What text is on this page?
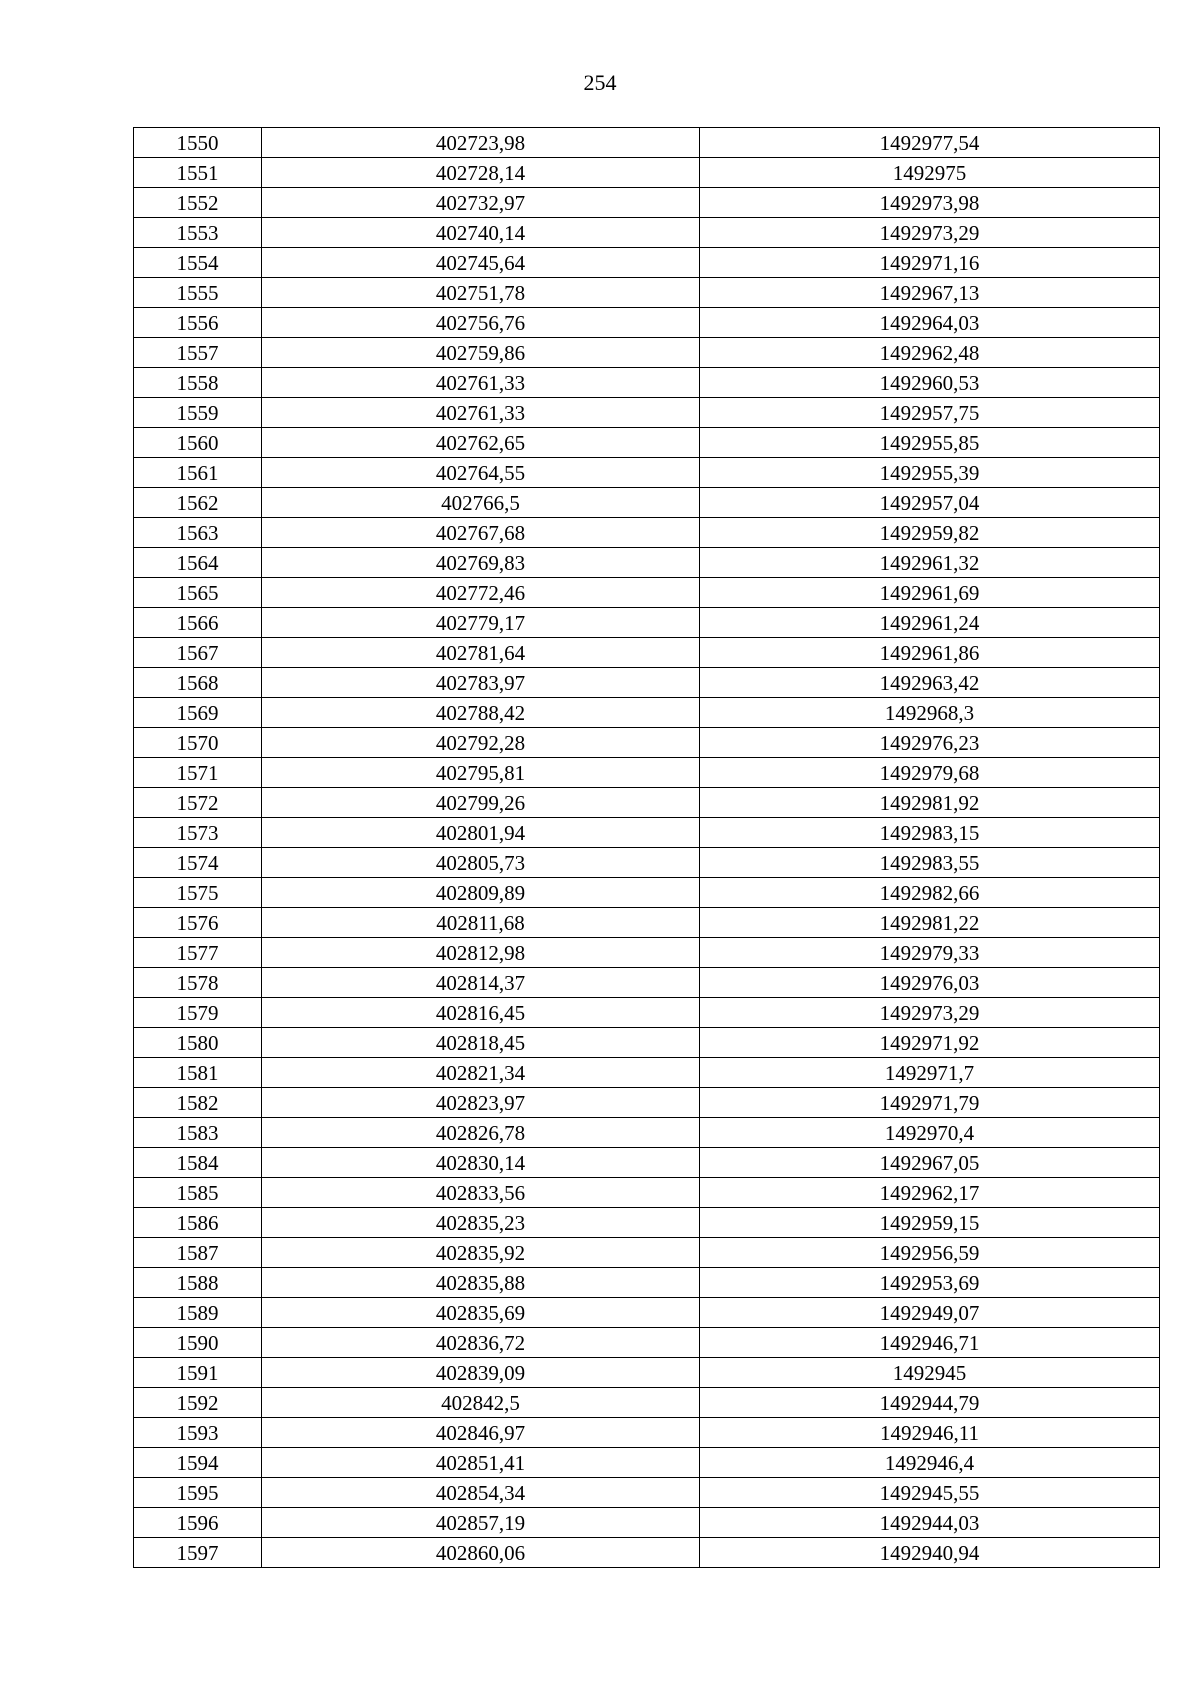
254
1550	402723,98	1492977,54
1551	402728,14	1492975
1552	402732,97	1492973,98
1553	402740,14	1492973,29
1554	402745,64	1492971,16
1555	402751,78	1492967,13
1556	402756,76	1492964,03
1557	402759,86	1492962,48
1558	402761,33	1492960,53
1559	402761,33	1492957,75
1560	402762,65	1492955,85
1561	402764,55	1492955,39
1562	402766,5	1492957,04
1563	402767,68	1492959,82
1564	402769,83	1492961,32
1565	402772,46	1492961,69
1566	402779,17	1492961,24
1567	402781,64	1492961,86
1568	402783,97	1492963,42
1569	402788,42	1492968,3
1570	402792,28	1492976,23
1571	402795,81	1492979,68
1572	402799,26	1492981,92
1573	402801,94	1492983,15
1574	402805,73	1492983,55
1575	402809,89	1492982,66
1576	402811,68	1492981,22
1577	402812,98	1492979,33
1578	402814,37	1492976,03
1579	402816,45	1492973,29
1580	402818,45	1492971,92
1581	402821,34	1492971,7
1582	402823,97	1492971,79
1583	402826,78	1492970,4
1584	402830,14	1492967,05
1585	402833,56	1492962,17
1586	402835,23	1492959,15
1587	402835,92	1492956,59
1588	402835,88	1492953,69
1589	402835,69	1492949,07
1590	402836,72	1492946,71
1591	402839,09	1492945
1592	402842,5	1492944,79
1593	402846,97	1492946,11
1594	402851,41	1492946,4
1595	402854,34	1492945,55
1596	402857,19	1492944,03
1597	402860,06	1492940,94
